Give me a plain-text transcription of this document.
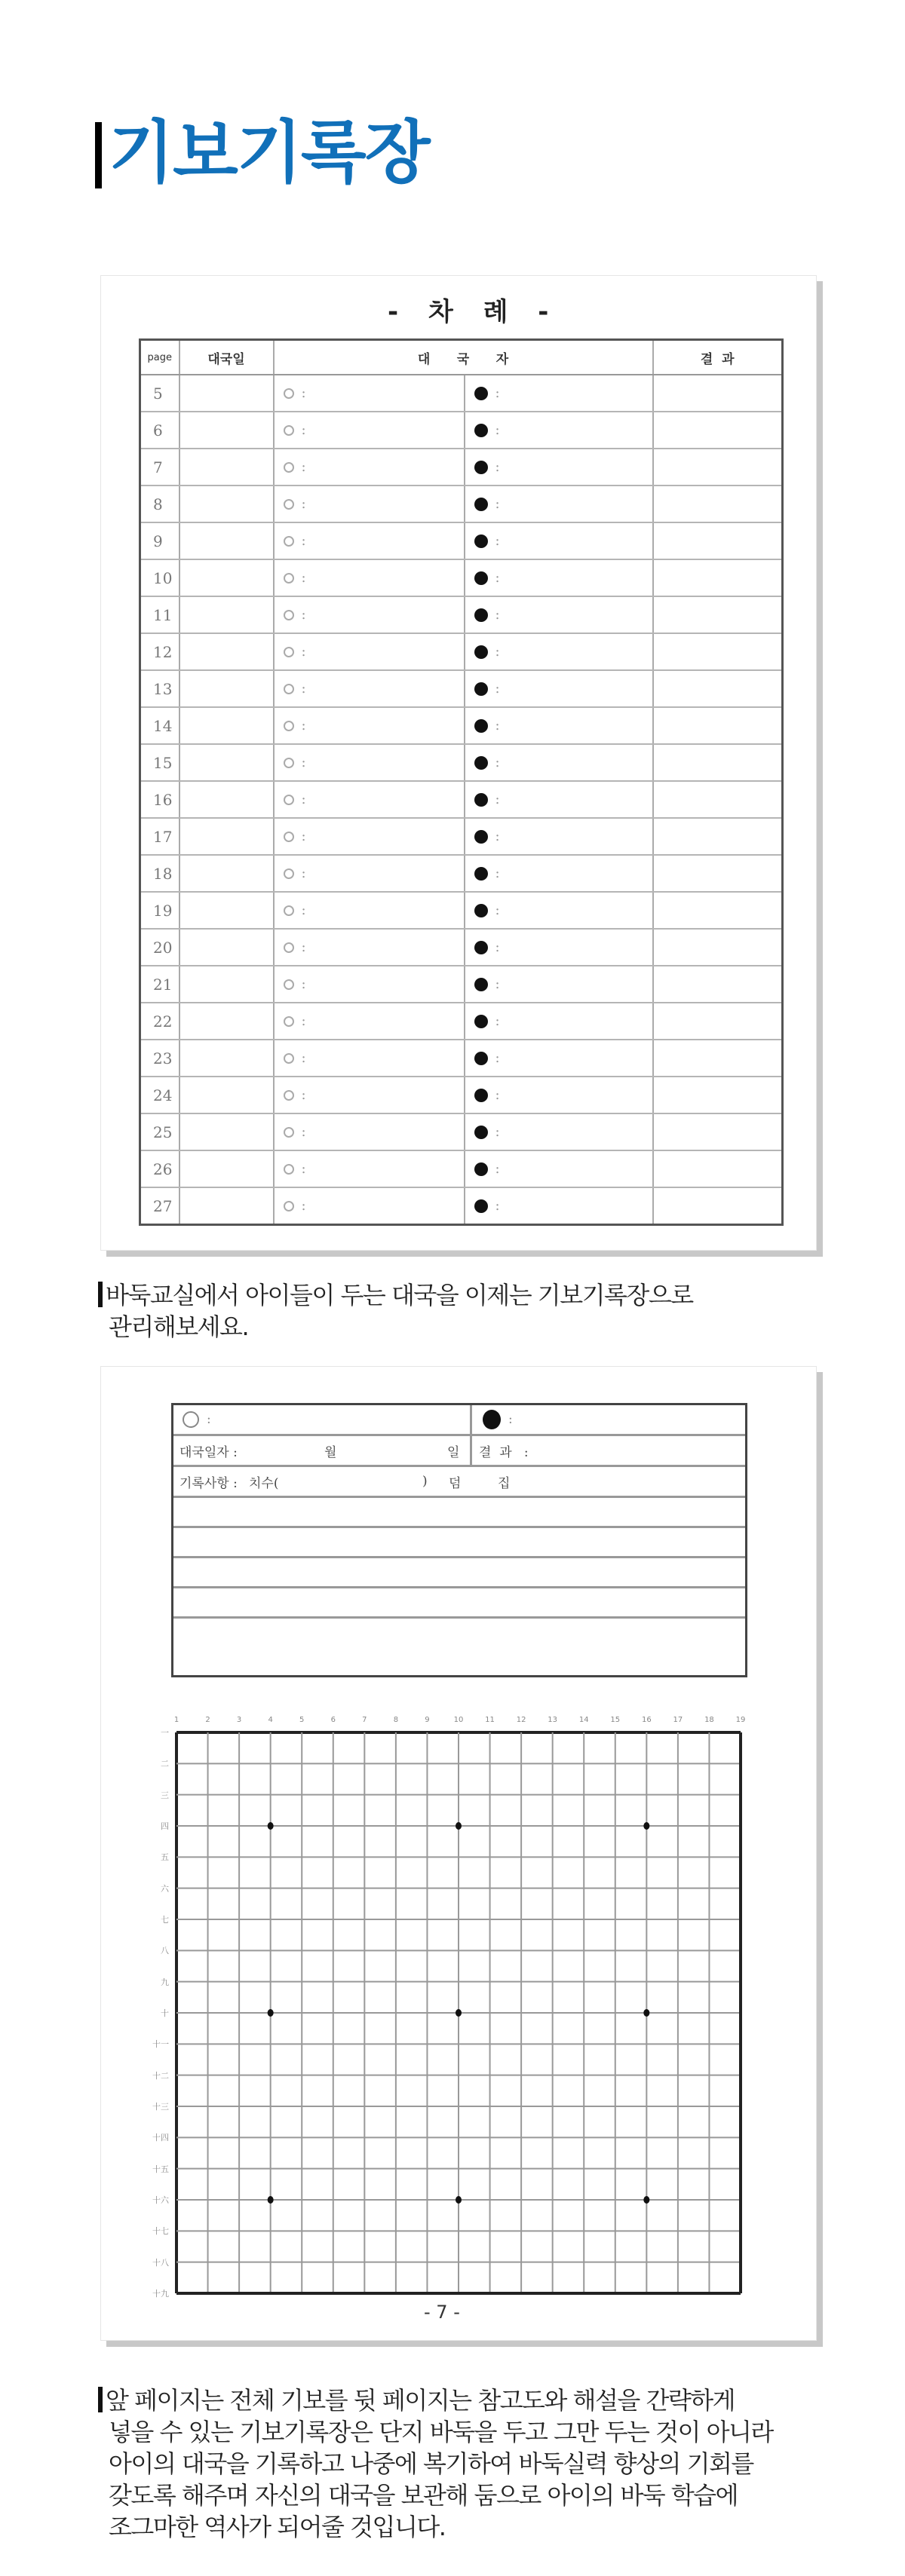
기보기록장
- 차 례 -
page	대국일	대      국      자		결  과
5		:	:	
6		:	:	
7		:	:	
8		:	:	
9		:	:	
10		:	:	
11		:	:	
12		:	:	
13		:	:	
14		:	:	
15		:	:	
16		:	:	
17		:	:	
18		:	:	
19		:	:	
20		:	:	
21		:	:	
22		:	:	
23		:	:	
24		:	:	
25		:	:	
26		:	:	
27		:	:	
바둑교실에서 아이들이 두는 대국을 이제는 기보기록장으로
관리해보세요.
:	:
대국일자 :	월	일 결  과   :
기록사항 : 치수(	) 덤	집
1	2	3	4	5	6	7	8	9	10	11	12	13	14	15	16	17	18	19
一
二
三
四
五
六
七
八
九
十
十一
十二
十三
十四
十五
十六
十七
十八
十九
- 7 -
앞 페이지는 전체 기보를 뒷 페이지는 참고도와 해설을 간략하게
넣을 수 있는 기보기록장은 단지 바둑을 두고 그만 두는 것이 아니라
아이의 대국을 기록하고 나중에 복기하여 바둑실력 향상의 기회를
갖도록 해주며 자신의 대국을 보관해 둠으로 아이의 바둑 학습에
조그마한 역사가 되어줄 것입니다.
